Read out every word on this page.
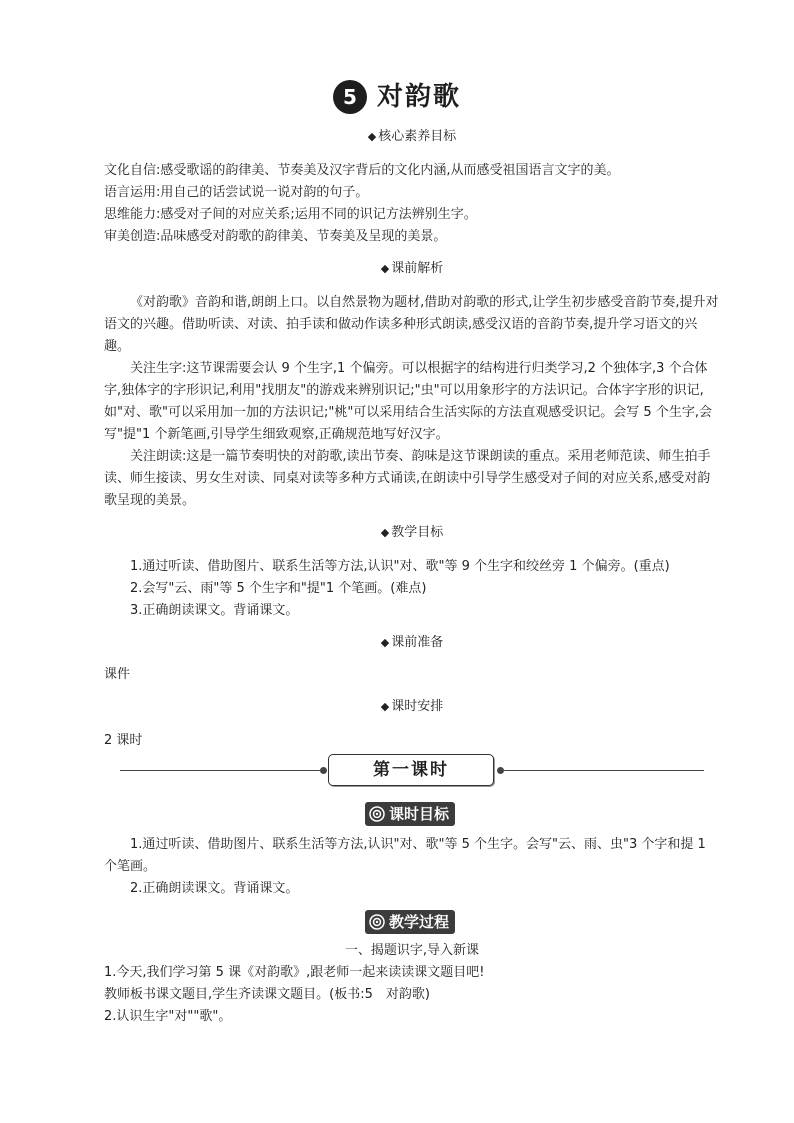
5 对韵歌
◆ 核心素养目标

文化自信:感受歌谣的韵律美、节奏美及汉字背后的文化内涵,从而感受祖国语言文字的美。

语言运用:用自己的话尝试说一说对韵的句子。

思维能力:感受对子间的对应关系;运用不同的识记方法辨别生字。

审美创造:品味感受对韵歌的韵律美、节奏美及呈现的美景。

◆ 课前解析

《对韵歌》音韵和谐,朗朗上口。以自然景物为题材,借助对韵歌的形式,让学生初步感受音韵节奏,提升对语文的兴趣。借助听读、对读、拍手读和做动作读多种形式朗读,感受汉语的音韵节奏,提升学习语文的兴趣。

关注生字:这节课需要会认 9 个生字,1 个偏旁。可以根据字的结构进行归类学习,2 个独体字,3 个合体字,独体字的字形识记,利用"找朋友"的游戏来辨别识记;"虫"可以用象形字的方法识记。合体字字形的识记,如"对、歌"可以采用加一加的方法识记;"桃"可以采用结合生活实际的方法直观感受识记。会写 5 个生字,会写"提"1 个新笔画,引导学生细致观察,正确规范地写好汉字。

关注朗读:这是一篇节奏明快的对韵歌,读出节奏、韵味是这节课朗读的重点。采用老师范读、师生拍手读、师生接读、男女生对读、同桌对读等多种方式诵读,在朗读中引导学生感受对子间的对应关系,感受对韵歌呈现的美景。

◆ 教学目标

1.通过听读、借助图片、联系生活等方法,认识"对、歌"等 9 个生字和绞丝旁 1 个偏旁。(重点)

2.会写"云、雨"等 5 个生字和"提"1 个笔画。(难点)

3.正确朗读课文。背诵课文。

◆ 课前准备
课件
◆ 课时安排
2 课时
第一课时
课时目标

1.通过听读、借助图片、联系生活等方法,认识"对、歌"等 5 个生字。会写"云、雨、虫"3 个字和提 1 个笔画。

2.正确朗读课文。背诵课文。

教学过程

一、揭题识字,导入新课

1.今天,我们学习第 5 课《对韵歌》,跟老师一起来读读课文题目吧!

教师板书课文题目,学生齐读课文题目。(板书:5　对韵歌)

2.认识生字"对""歌"。
